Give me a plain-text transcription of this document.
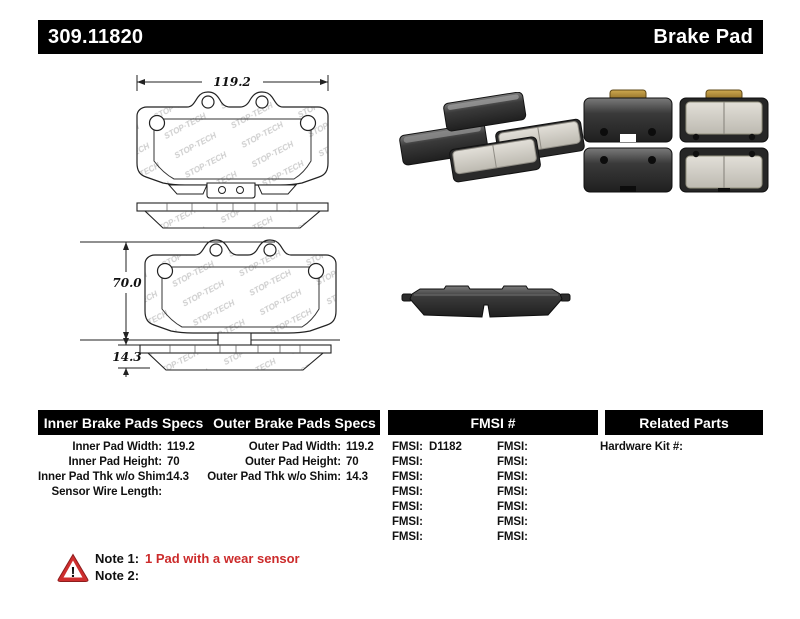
309.11820	Brake Pad
119.2
70.0
14.3
Inner Brake Pads Specs Outer Brake Pads Specs	FMSI #	Related Parts
Inner Pad Width: 119.2
Inner Pad Height: 70
Inner Pad Thk w/o Shim:14.3
Sensor Wire Length:
Outer Pad Width: 119.2
Outer Pad Height: 70
Outer Pad Thk w/o Shim: 14.3
FMSI: D1182
FMSI:
FMSI:
FMSI:
FMSI:
FMSI:
FMSI:
FMSI:
FMSI:
FMSI:
FMSI:
FMSI:
FMSI:
FMSI:
Hardware Kit #:
!
Note 1: 1 Pad with a wear sensor
Note 2:
